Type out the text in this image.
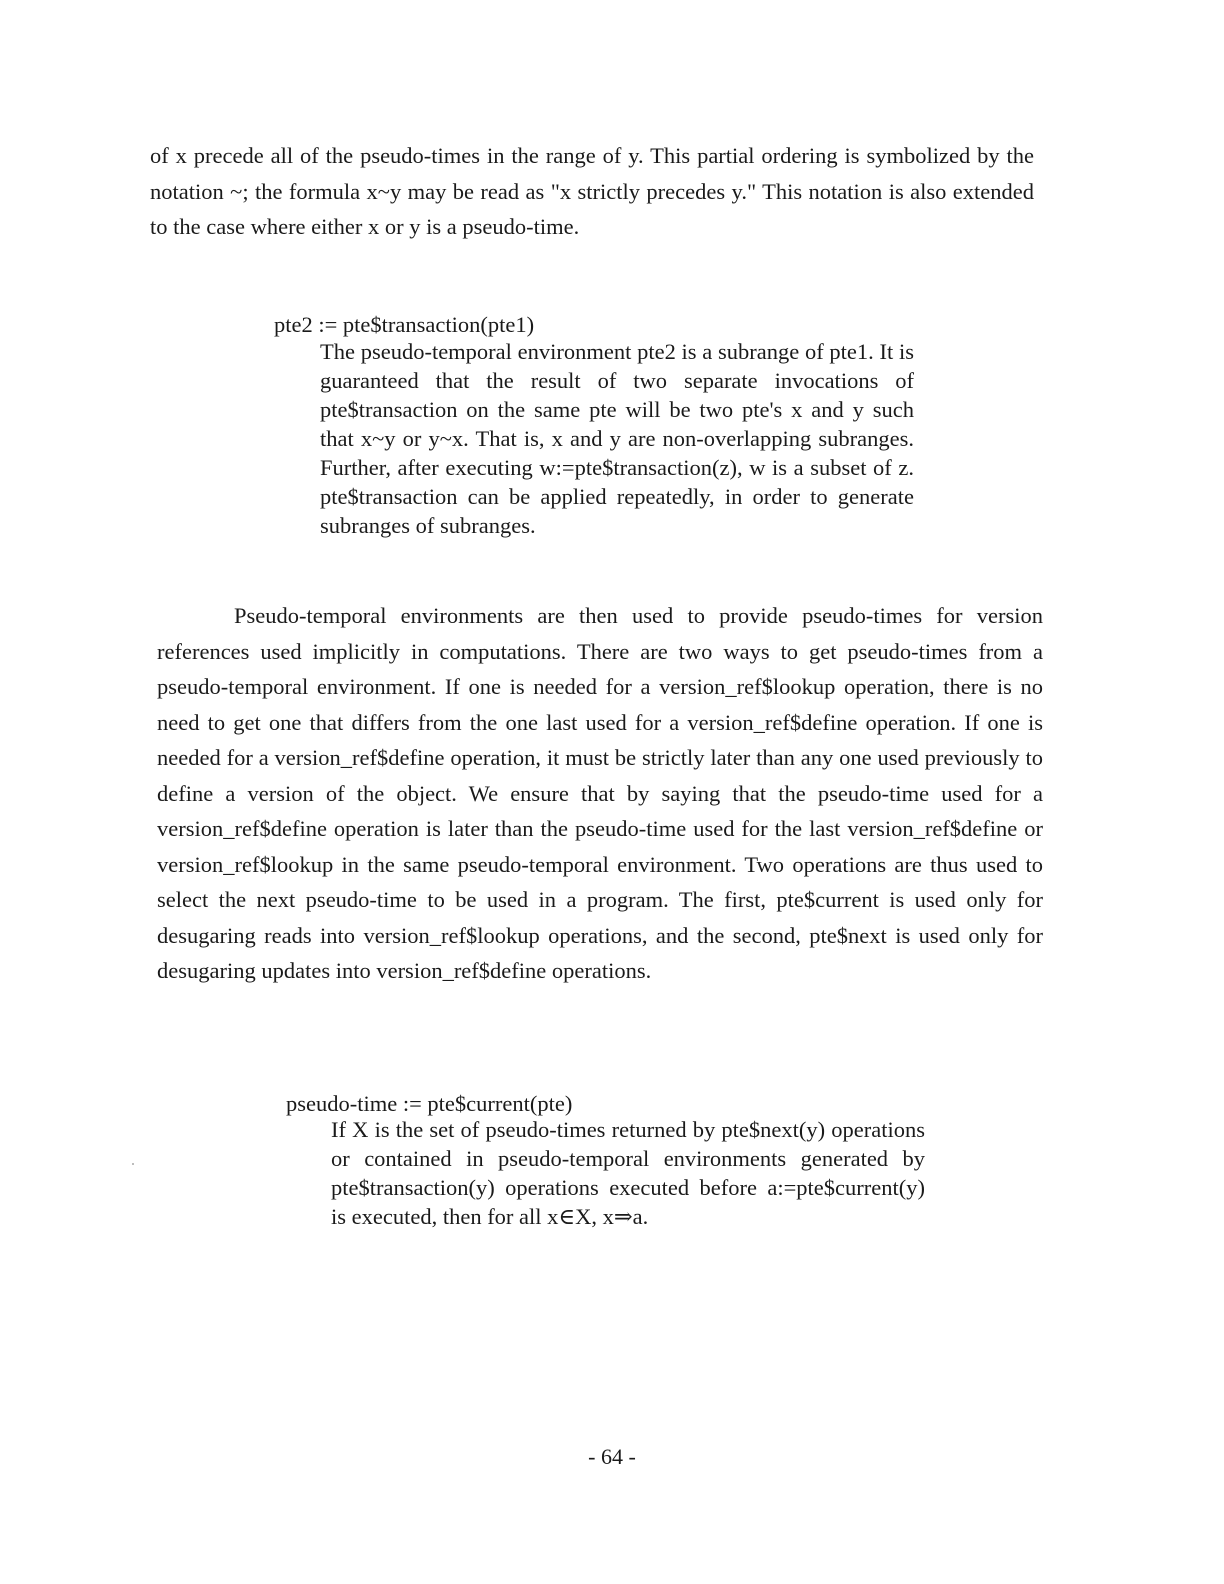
of x precede all of the pseudo-times in the range of y. This partial ordering is symbolized by the notation ~; the formula x~y may be read as "x strictly precedes y." This notation is also extended to the case where either x or y is a pseudo-time.

pte2 := pte$transaction(pte1)

The pseudo-temporal environment pte2 is a subrange of pte1. It is guaranteed that the result of two separate invocations of pte$transaction on the same pte will be two pte's x and y such that x~y or y~x. That is, x and y are non-overlapping subranges. Further, after executing w:=pte$transaction(z), w is a subset of z. pte$transaction can be applied repeatedly, in order to generate subranges of subranges.

Pseudo-temporal environments are then used to provide pseudo-times for version references used implicitly in computations. There are two ways to get pseudo-times from a pseudo-temporal environment. If one is needed for a version_ref$lookup operation, there is no need to get one that differs from the one last used for a version_ref$define operation. If one is needed for a version_ref$define operation, it must be strictly later than any one used previously to define a version of the object. We ensure that by saying that the pseudo-time used for a version_ref$define operation is later than the pseudo-time used for the last version_ref$define or version_ref$lookup in the same pseudo-temporal environment. Two operations are thus used to select the next pseudo-time to be used in a program. The first, pte$current is used only for desugaring reads into version_ref$lookup operations, and the second, pte$next is used only for desugaring updates into version_ref$define operations.

pseudo-time := pte$current(pte)

If X is the set of pseudo-times returned by pte$next(y) operations or contained in pseudo-temporal environments generated by pte$transaction(y) operations executed before a:=pte$current(y) is executed, then for all x∈X, x⇒a.

- 64 -
